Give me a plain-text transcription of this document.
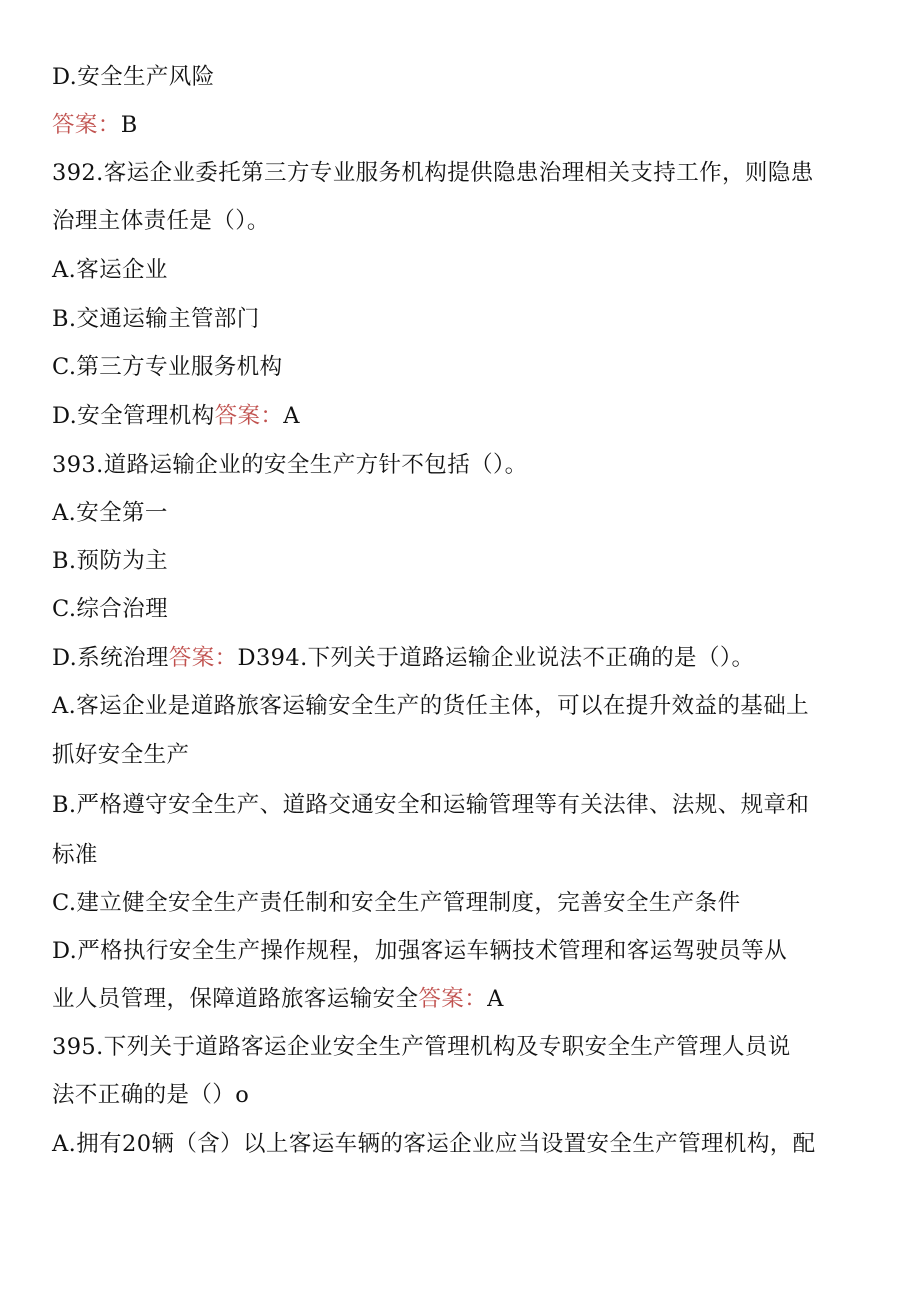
D.安全生产风险
答案：B
392.客运企业委托第三方专业服务机构提供隐患治理相关支持工作，则隐患
治理主体责任是（）。
A.客运企业
B.交通运输主管部门
C.第三方专业服务机构
D.安全管理机构答案：A
393.道路运输企业的安全生产方针不包括（）。
A.安全第一
B.预防为主
C.综合治理
D.系统治理答案：D394.下列关于道路运输企业说法不正确的是（）。
A.客运企业是道路旅客运输安全生产的货任主体，可以在提升效益的基础上
抓好安全生产
B.严格遵守安全生产、道路交通安全和运输管理等有关法律、法规、规章和
标准
C.建立健全安全生产责任制和安全生产管理制度，完善安全生产条件
D.严格执行安全生产操作规程，加强客运车辆技术管理和客运驾驶员等从
业人员管理，保障道路旅客运输安全答案：A
395.下列关于道路客运企业安全生产管理机构及专职安全生产管理人员说
法不正确的是（）o
A.拥有20辆（含）以上客运车辆的客运企业应当设置安全生产管理机构，配
